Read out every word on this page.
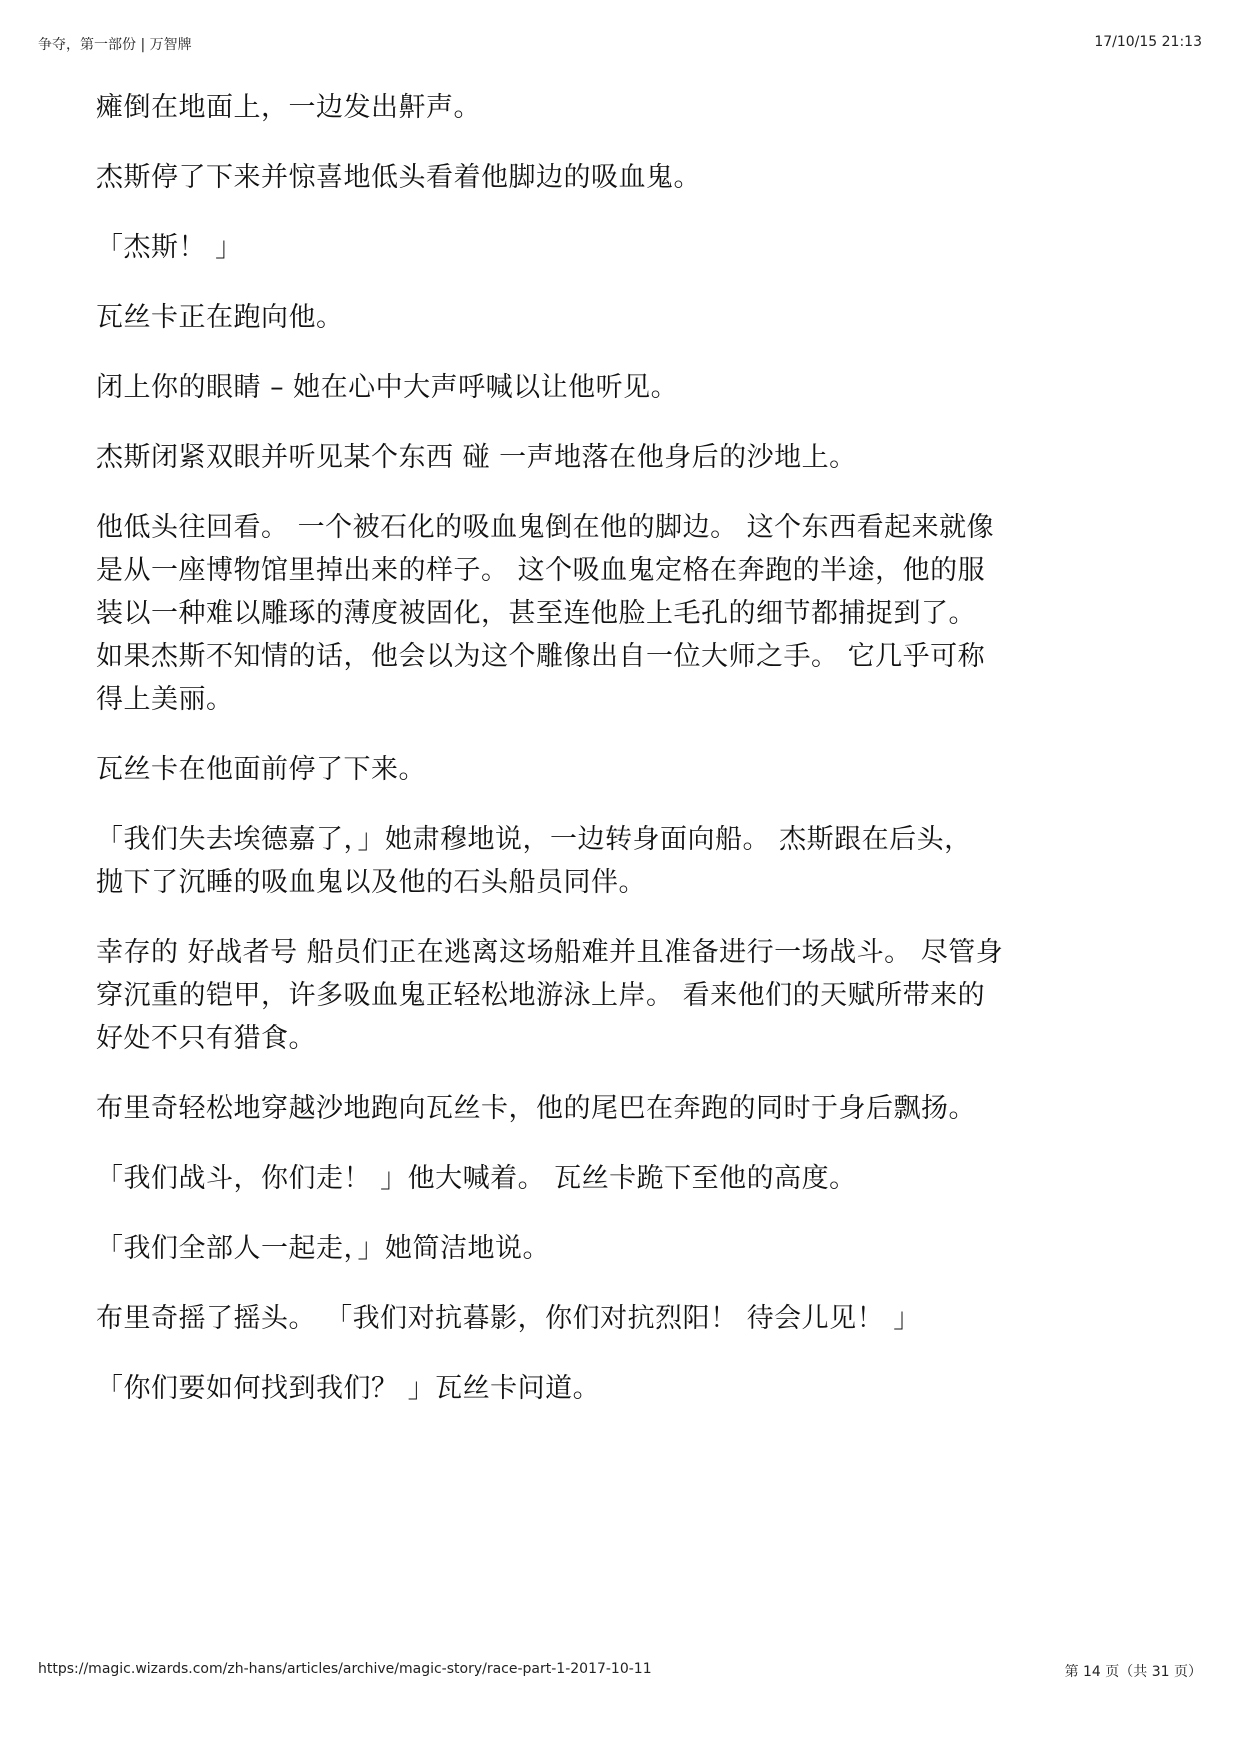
争夺，第一部份 | 万智牌	17/10/15 21:13

瘫倒在地面上，一边发出鼾声。

杰斯停了下来并惊喜地低头看着他脚边的吸血鬼。

「杰斯！ 」

瓦丝卡正在跑向他。

闭上你的眼睛 – 她在心中大声呼喊以让他听见。

杰斯闭紧双眼并听见某个东西 碰 一声地落在他身后的沙地上。

他低头往回看。 一个被石化的吸血鬼倒在他的脚边。 这个东西看起来就像
是从一座博物馆里掉出来的样子。 这个吸血鬼定格在奔跑的半途，他的服
装以一种难以雕琢的薄度被固化，甚至连他脸上毛孔的细节都捕捉到了。
如果杰斯不知情的话，他会以为这个雕像出自一位大师之手。 它几乎可称
得上美丽。

瓦丝卡在他面前停了下来。

「我们失去埃德嘉了，」她肃穆地说，一边转身面向船。 杰斯跟在后头，
抛下了沉睡的吸血鬼以及他的石头船员同伴。

幸存的 好战者号 船员们正在逃离这场船难并且准备进行一场战斗。 尽管身
穿沉重的铠甲，许多吸血鬼正轻松地游泳上岸。 看来他们的天赋所带来的
好处不只有猎食。

布里奇轻松地穿越沙地跑向瓦丝卡，他的尾巴在奔跑的同时于身后飘扬。

「我们战斗，你们走！ 」他大喊着。 瓦丝卡跪下至他的高度。

「我们全部人一起走，」她简洁地说。

布里奇摇了摇头。 「我们对抗暮影，你们对抗烈阳！ 待会儿见！ 」

「你们要如何找到我们？ 」瓦丝卡问道。

https://magic.wizards.com/zh-hans/articles/archive/magic-story/race-part-1-2017-10-11	第 14 页（共 31 页）
